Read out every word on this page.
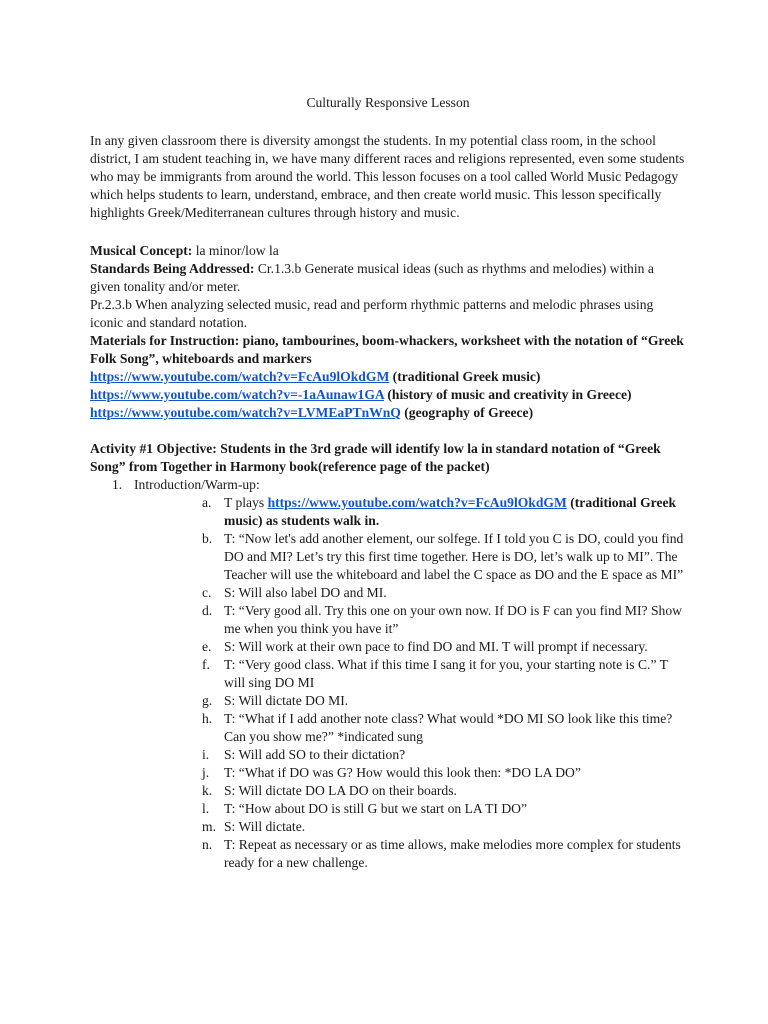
Culturally Responsive Lesson

In any given classroom there is diversity amongst the students. In my potential class room, in the school district, I am student teaching in, we have many different races and religions represented, even some students who may be immigrants from around the world. This lesson focuses on a tool called World Music Pedagogy which helps students to learn, understand, embrace, and then create world music. This lesson specifically highlights Greek/Mediterranean cultures through history and music.

Musical Concept: la minor/low la

Standards Being Addressed: Cr.1.3.b Generate musical ideas (such as rhythms and melodies) within a given tonality and/or meter.

Pr.2.3.b When analyzing selected music, read and perform rhythmic patterns and melodic phrases using iconic and standard notation.

Materials for Instruction: piano, tambourines, boom-whackers, worksheet with the notation of “Greek Folk Song”, whiteboards and markers

https://www.youtube.com/watch?v=FcAu9lOkdGM (traditional Greek music)
https://www.youtube.com/watch?v=-1aAunaw1GA (history of music and creativity in Greece) https://www.youtube.com/watch?v=LVMEaPTnWnQ (geography of Greece)

Activity #1 Objective: Students in the 3rd grade will identify low la in standard notation of “Greek Song” from Together in Harmony book(reference page of the packet)

1. Introduction/Warm-up:
a. T plays https://www.youtube.com/watch?v=FcAu9lOkdGM (traditional Greek music) as students walk in.
b. T: “Now let's add another element, our solfege. If I told you C is DO, could you find DO and MI? Let’s try this first time together. Here is DO, let’s walk up to MI”. The Teacher will use the whiteboard and label the C space as DO and the E space as MI”
c. S: Will also label DO and MI.
d. T: “Very good all. Try this one on your own now. If DO is F can you find MI? Show me when you think you have it”
e. S: Will work at their own pace to find DO and MI. T will prompt if necessary.
f. T: “Very good class. What if this time I sang it for you, your starting note is C.” T will sing DO MI
g. S: Will dictate DO MI.
h. T: “What if I add another note class? What would *DO MI SO look like this time? Can you show me?” *indicated sung
i. S: Will add SO to their dictation?
j. T: “What if DO was G? How would this look then: *DO LA DO”
k. S: Will dictate DO LA DO on their boards.
l. T: “How about DO is still G but we start on LA TI DO”
m. S: Will dictate.
n. T: Repeat as necessary or as time allows, make melodies more complex for students ready for a new challenge.
